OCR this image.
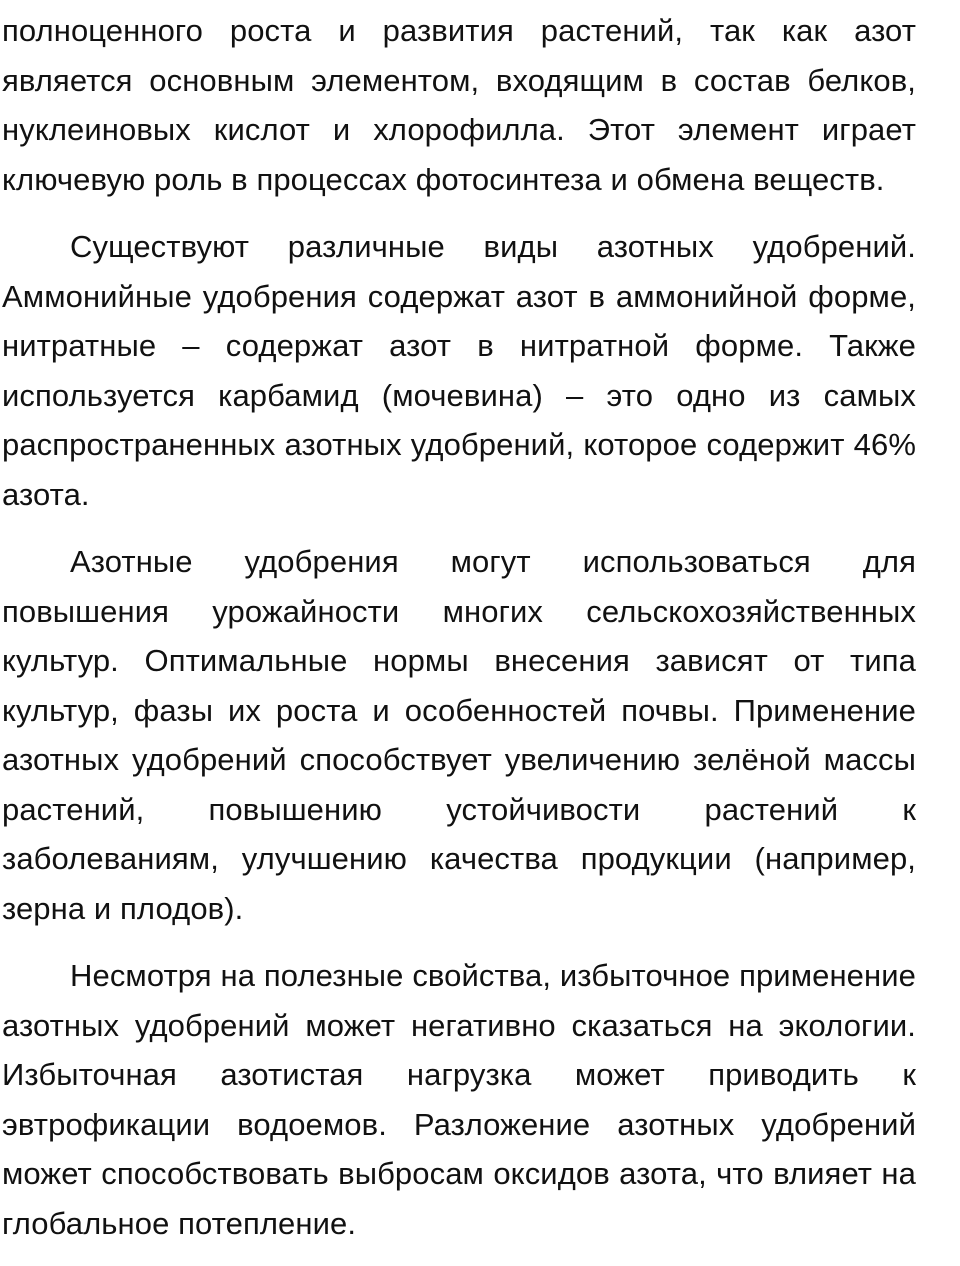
полноценного роста и развития растений, так как азот является основным элементом, входящим в состав белков, нуклеиновых кислот и хлорофилла. Этот элемент играет ключевую роль в процессах фотосинтеза и обмена веществ.

Существуют различные виды азотных удобрений. Аммонийные удобрения содержат азот в аммонийной форме, нитратные – содержат азот в нитратной форме. Также используется карбамид (мочевина) – это одно из самых распространенных азотных удобрений, которое содержит 46% азота.

Азотные удобрения могут использоваться для повышения урожайности многих сельскохозяйственных культур. Оптимальные нормы внесения зависят от типа культур, фазы их роста и особенностей почвы. Применение азотных удобрений способствует увеличению зелёной массы растений, повышению устойчивости растений к заболеваниям, улучшению качества продукции (например, зерна и плодов).

Несмотря на полезные свойства, избыточное применение азотных удобрений может негативно сказаться на экологии. Избыточная азотистая нагрузка может приводить к эвтрофикации водоемов. Разложение азотных удобрений может способствовать выбросам оксидов азота, что влияет на глобальное потепление.
